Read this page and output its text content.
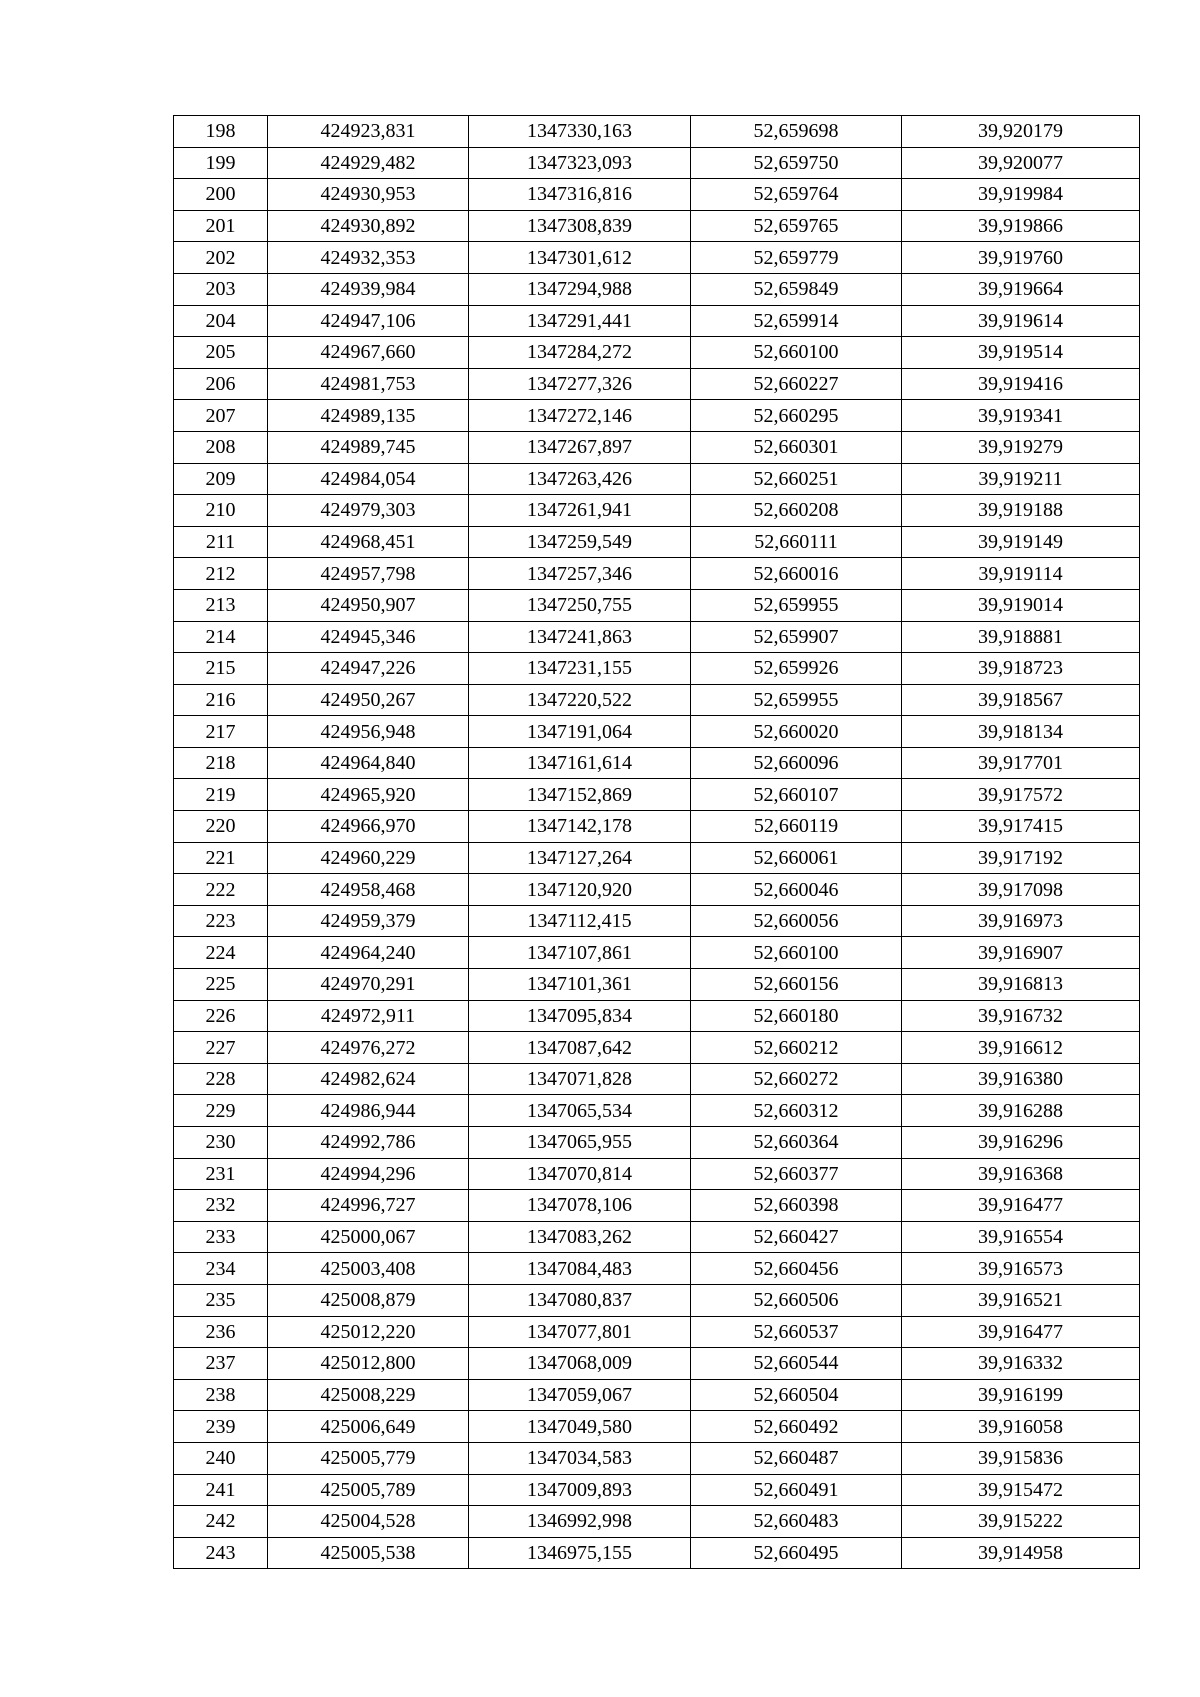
198	424923,831	1347330,163	52,659698	39,920179
199	424929,482	1347323,093	52,659750	39,920077
200	424930,953	1347316,816	52,659764	39,919984
201	424930,892	1347308,839	52,659765	39,919866
202	424932,353	1347301,612	52,659779	39,919760
203	424939,984	1347294,988	52,659849	39,919664
204	424947,106	1347291,441	52,659914	39,919614
205	424967,660	1347284,272	52,660100	39,919514
206	424981,753	1347277,326	52,660227	39,919416
207	424989,135	1347272,146	52,660295	39,919341
208	424989,745	1347267,897	52,660301	39,919279
209	424984,054	1347263,426	52,660251	39,919211
210	424979,303	1347261,941	52,660208	39,919188
211	424968,451	1347259,549	52,660111	39,919149
212	424957,798	1347257,346	52,660016	39,919114
213	424950,907	1347250,755	52,659955	39,919014
214	424945,346	1347241,863	52,659907	39,918881
215	424947,226	1347231,155	52,659926	39,918723
216	424950,267	1347220,522	52,659955	39,918567
217	424956,948	1347191,064	52,660020	39,918134
218	424964,840	1347161,614	52,660096	39,917701
219	424965,920	1347152,869	52,660107	39,917572
220	424966,970	1347142,178	52,660119	39,917415
221	424960,229	1347127,264	52,660061	39,917192
222	424958,468	1347120,920	52,660046	39,917098
223	424959,379	1347112,415	52,660056	39,916973
224	424964,240	1347107,861	52,660100	39,916907
225	424970,291	1347101,361	52,660156	39,916813
226	424972,911	1347095,834	52,660180	39,916732
227	424976,272	1347087,642	52,660212	39,916612
228	424982,624	1347071,828	52,660272	39,916380
229	424986,944	1347065,534	52,660312	39,916288
230	424992,786	1347065,955	52,660364	39,916296
231	424994,296	1347070,814	52,660377	39,916368
232	424996,727	1347078,106	52,660398	39,916477
233	425000,067	1347083,262	52,660427	39,916554
234	425003,408	1347084,483	52,660456	39,916573
235	425008,879	1347080,837	52,660506	39,916521
236	425012,220	1347077,801	52,660537	39,916477
237	425012,800	1347068,009	52,660544	39,916332
238	425008,229	1347059,067	52,660504	39,916199
239	425006,649	1347049,580	52,660492	39,916058
240	425005,779	1347034,583	52,660487	39,915836
241	425005,789	1347009,893	52,660491	39,915472
242	425004,528	1346992,998	52,660483	39,915222
243	425005,538	1346975,155	52,660495	39,914958
